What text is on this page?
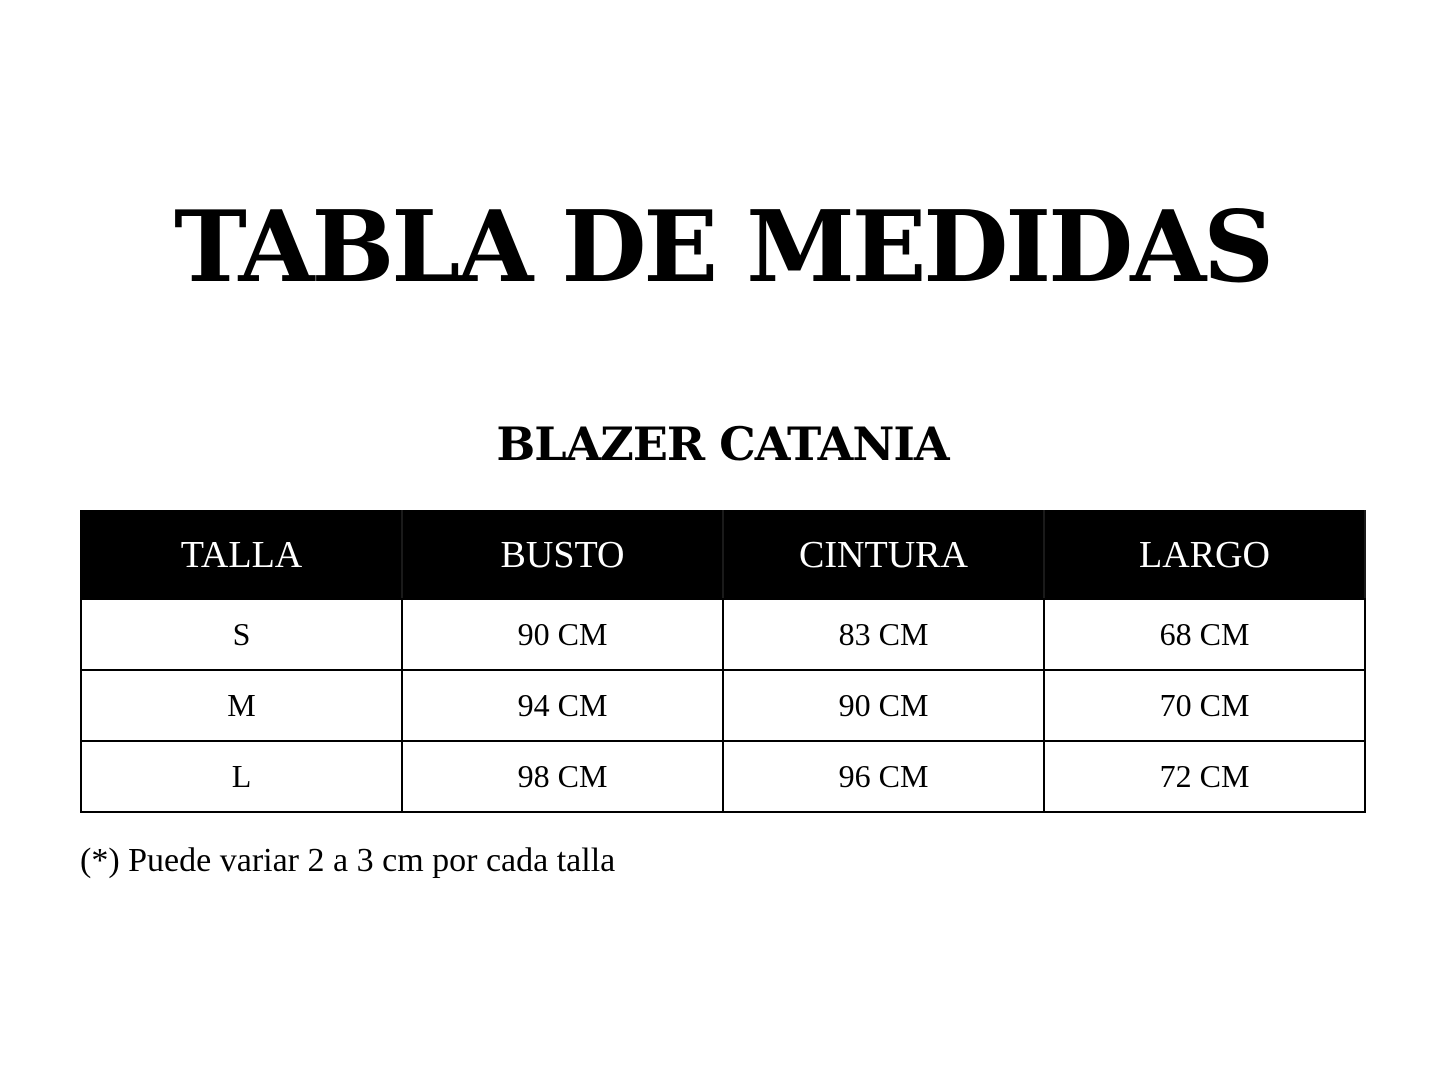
TABLA DE MEDIDAS
BLAZER CATANIA
TALLA	BUSTO	CINTURA	LARGO
S	90 CM	83 CM	68 CM
M	94 CM	90 CM	70 CM
L	98 CM	96 CM	72 CM
(*) Puede variar 2 a 3 cm por cada talla
